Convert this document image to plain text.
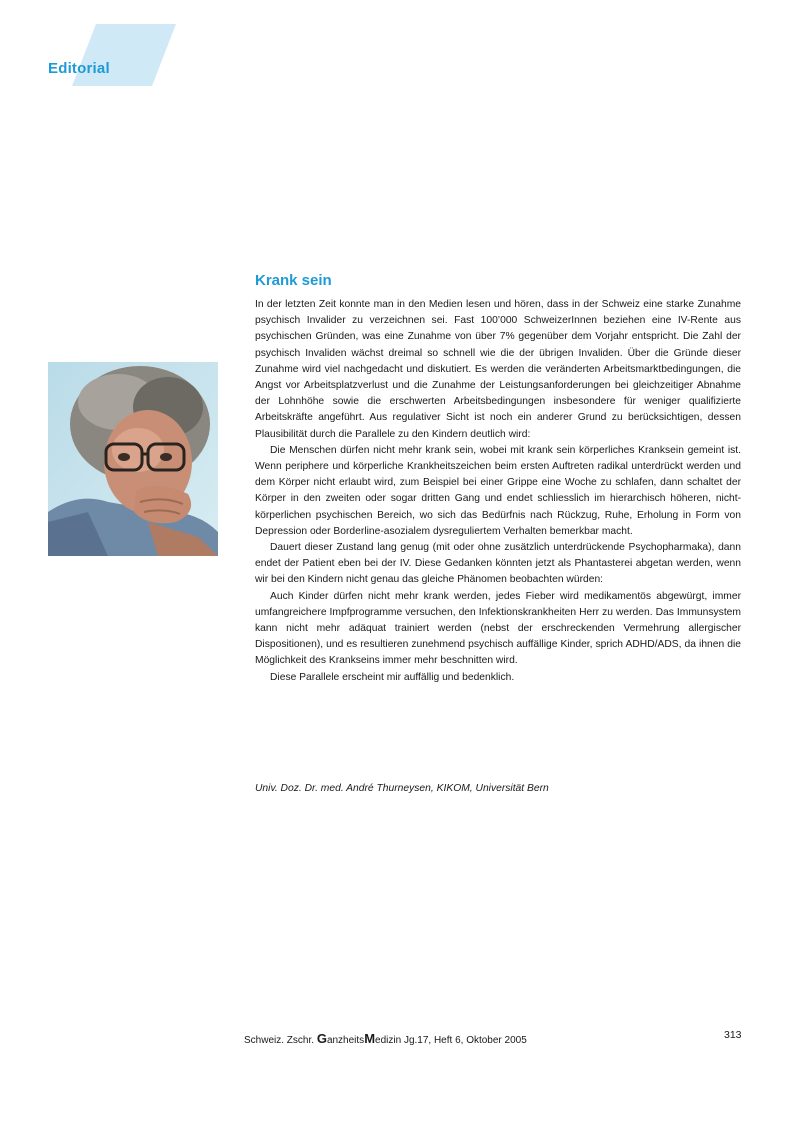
Editorial
Krank sein

In der letzten Zeit konnte man in den Medien lesen und hören, dass in der Schweiz eine starke Zunahme psychisch Invalider zu verzeichnen sei. Fast 100’000 SchweizerInnen beziehen eine IV-Rente aus psychischen Gründen, was eine Zunahme von über 7% gegenüber dem Vorjahr entspricht. Die Zahl der psychisch Invaliden wächst dreimal so schnell wie die der übrigen Invaliden. Über die Gründe dieser Zunahme wird viel nachgedacht und diskutiert. Es werden die veränderten Arbeitsmarktbedingungen, die Angst vor Arbeitsplatzverlust und die Zunahme der Leistungsanforderungen bei gleichzeitiger Abnahme der Lohnhöhe sowie die erschwerten Arbeitsbedingungen insbesondere für weniger qualifizierte Arbeitskräfte angeführt. Aus regulativer Sicht ist noch ein anderer Grund zu berücksichtigen, dessen Plausibilität durch die Parallele zu den Kindern deutlich wird:

Die Menschen dürfen nicht mehr krank sein, wobei mit krank sein körperliches Kranksein gemeint ist. Wenn periphere und körperliche Krankheitszeichen beim ersten Auftreten radikal unterdrückt werden und dem Körper nicht erlaubt wird, zum Beispiel bei einer Grippe eine Woche zu schlafen, dann schaltet der Körper in den zweiten oder sogar dritten Gang und endet schliesslich im hierarchisch höheren, nicht-körperlichen psychischen Bereich, wo sich das Bedürfnis nach Rückzug, Ruhe, Erholung in Form von Depression oder Borderline-asozialem dysreguliertem Verhalten bemerkbar macht.

Dauert dieser Zustand lang genug (mit oder ohne zusätzlich unterdrückende Psychopharmaka), dann endet der Patient eben bei der IV. Diese Gedanken könnten jetzt als Phantasterei abgetan werden, wenn wir bei den Kindern nicht genau das gleiche Phänomen beobachten würden:

Auch Kinder dürfen nicht mehr krank werden, jedes Fieber wird medikamentös abgewürgt, immer umfangreichere Impfprogramme versuchen, den Infektionskrankheiten Herr zu werden. Das Immunsystem kann nicht mehr adäquat trainiert werden (nebst der erschreckenden Vermehrung allergischer Dispositionen), und es resultieren zunehmend psychisch auffällige Kinder, sprich ADHD/ADS, da ihnen die Möglichkeit des Krankseins immer mehr beschnitten wird.

Diese Parallele erscheint mir auffällig und bedenklich.

Univ. Doz. Dr. med. André Thurneysen, KIKOM, Universität Bern
Schweiz. Zschr. GanzheitsMedizin Jg.17, Heft 6, Oktober 2005	313
